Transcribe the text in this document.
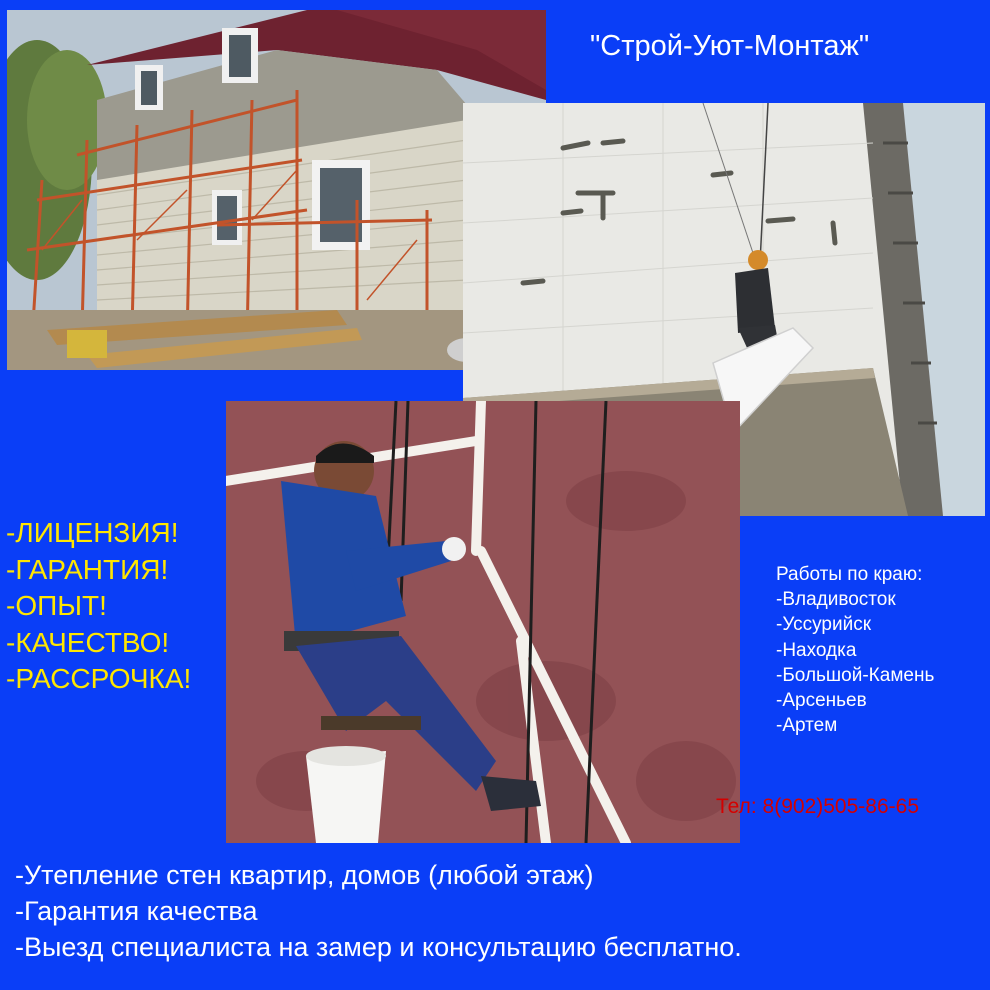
"Строй-Уют-Монтаж"
-ЛИЦЕНЗИЯ!
-ГАРАНТИЯ!
-ОПЫТ!
-КАЧЕСТВО!
-РАССРОЧКА!
Работы по краю:
-Владивосток
-Уссурийск
-Находка
-Большой-Камень
-Арсеньев
-Артем
Тел: 8(902)505-86-65
-Утепление стен квартир, домов (любой этаж)
-Гарантия качества
-Выезд специалиста на замер и консультацию бесплатно.
